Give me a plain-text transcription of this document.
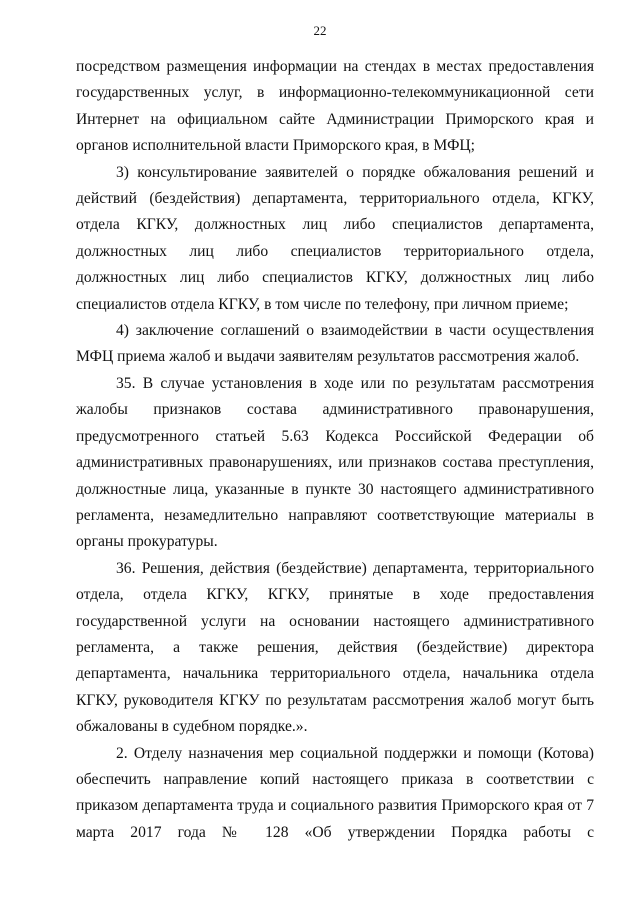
22

посредством размещения информации на стендах в местах предоставления государственных услуг, в информационно-телекоммуникационной сети Интернет на официальном сайте Администрации Приморского края и органов исполнительной власти Приморского края, в МФЦ;

3) консультирование заявителей о порядке обжалования решений и действий (бездействия) департамента, территориального отдела, КГКУ, отдела КГКУ, должностных лиц либо специалистов департамента, должностных лиц либо специалистов территориального отдела, должностных лиц либо специалистов КГКУ, должностных лиц либо специалистов отдела КГКУ, в том числе по телефону, при личном приеме;

4) заключение соглашений о взаимодействии в части осуществления МФЦ приема жалоб и выдачи заявителям результатов рассмотрения жалоб.

35. В случае установления в ходе или по результатам рассмотрения жалобы признаков состава административного правонарушения, предусмотренного статьей 5.63 Кодекса Российской Федерации об административных правонарушениях, или признаков состава преступления, должностные лица, указанные в пункте 30 настоящего административного регламента, незамедлительно направляют соответствующие материалы в органы прокуратуры.

36. Решения, действия (бездействие) департамента, территориального отдела, отдела КГКУ, КГКУ, принятые в ходе предоставления государственной услуги на основании настоящего административного регламента, а также решения, действия (бездействие) директора департамента, начальника территориального отдела, начальника отдела КГКУ, руководителя КГКУ по результатам рассмотрения жалоб могут быть обжалованы в судебном порядке.».

2. Отделу назначения мер социальной поддержки и помощи (Котова) обеспечить направление копий настоящего приказа в соответствии с приказом департамента труда и социального развития Приморского края от 7 марта 2017 года № 128 «Об утверждении Порядка работы с
